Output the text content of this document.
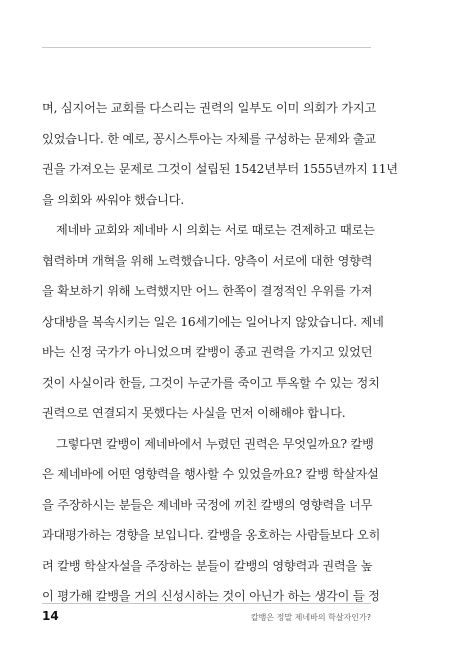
며, 심지어는 교회를 다스리는 권력의 일부도 이미 의회가 가지고
있었습니다. 한 예로, 꽁시스투아는 자체를 구성하는 문제와 출교
권을 가져오는 문제로 그것이 설립된 1542년부터 1555년까지 11년
을 의회와 싸워야 했습니다.
제네바 교회와 제네바 시 의회는 서로 때로는 견제하고 때로는
협력하며 개혁을 위해 노력했습니다. 양측이 서로에 대한 영향력
을 확보하기 위해 노력했지만 어느 한쪽이 결정적인 우위를 가져
상대방을 복속시키는 일은 16세기에는 일어나지 않았습니다. 제네
바는 신정 국가가 아니었으며 칼뱅이 종교 권력을 가지고 있었던
것이 사실이라 한들, 그것이 누군가를 죽이고 투옥할 수 있는 정치
권력으로 연결되지 못했다는 사실을 먼저 이해해야 합니다.
그렇다면 칼뱅이 제네바에서 누렸던 권력은 무엇일까요? 칼뱅
은 제네바에 어떤 영향력을 행사할 수 있었을까요? 칼뱅 학살자설
을 주장하시는 분들은 제네바 국정에 끼친 칼뱅의 영향력을 너무
과대평가하는 경향을 보입니다. 칼뱅을 옹호하는 사람들보다 오히
려 칼뱅 학살자설을 주장하는 분들이 칼뱅의 영향력과 권력을 높
이 평가해 칼뱅을 거의 신성시하는 것이 아닌가 하는 생각이 들 정
14	칼뱅은 정말 제네바의 학살자인가?
